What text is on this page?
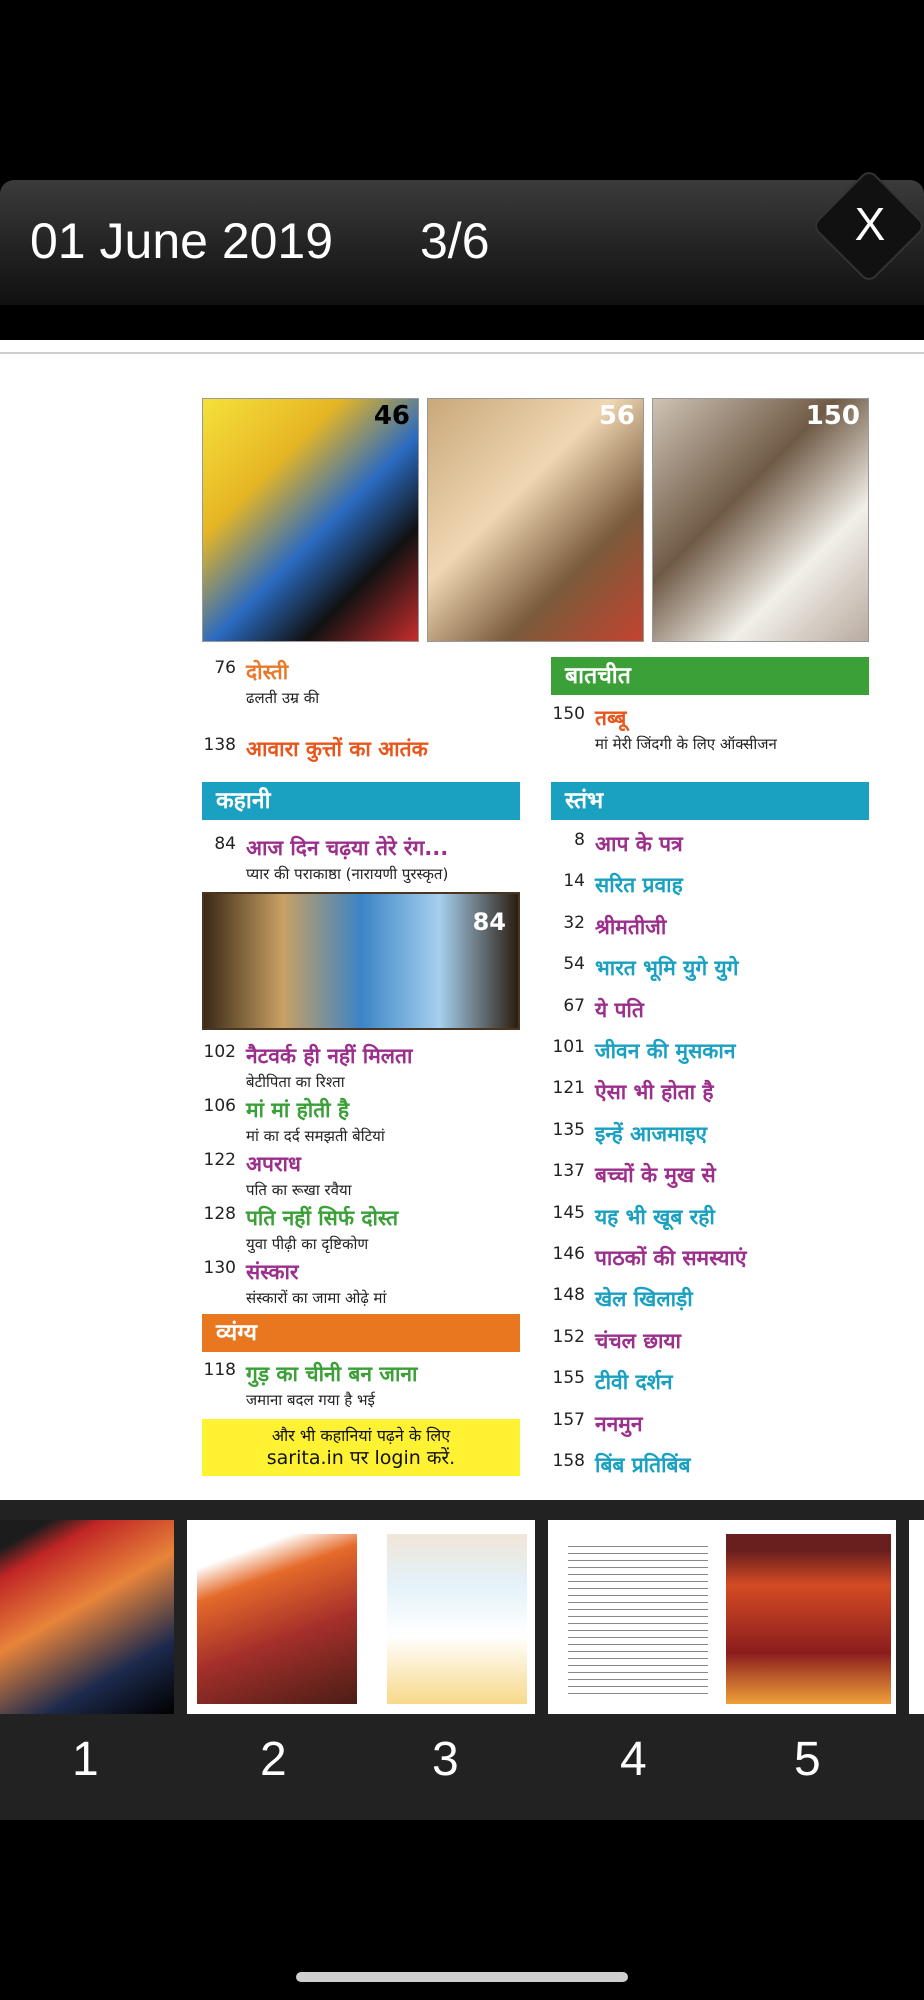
01 June 2019 3/6	X
46	56	150
76 दोस्ती
ढलती उम्र की
138 आवारा कुत्तों का आतंक
कहानी
84 आज दिन चढ़या तेरे रंग...
प्यार की पराकाष्ठा (नारायणी पुरस्कृत)
84
102 नैटवर्क ही नहीं मिलता
बेटीपिता का रिश्ता
106 मां मां होती है
मां का दर्द समझती बेटियां
122 अपराध
पति का रूखा रवैया
128 पति नहीं सिर्फ दोस्त
युवा पीढ़ी का दृष्टिकोण
130 संस्कार
संस्कारों का जामा ओढ़े मां
व्यंग्य
118 गुड़ का चीनी बन जाना
जमाना बदल गया है भई
और भी कहानियां पढ़ने के लिए
sarita.in पर login करें.
बातचीत
150 तब्बू
मां मेरी जिंदगी के लिए ऑक्सीजन
स्तंभ
8 आप के पत्र
14 सरित प्रवाह
32 श्रीमतीजी
54 भारत भूमि युगे युगे
67 ये पति
101 जीवन की मुसकान
121 ऐसा भी होता है
135 इन्हें आजमाइए
137 बच्चों के मुख से
145 यह भी खूब रही
146 पाठकों की समस्याएं
148 खेल खिलाड़ी
152 चंचल छाया
155 टीवी दर्शन
157 ननमुन
158 बिंब प्रतिबिंब
1	2	3	4	5
